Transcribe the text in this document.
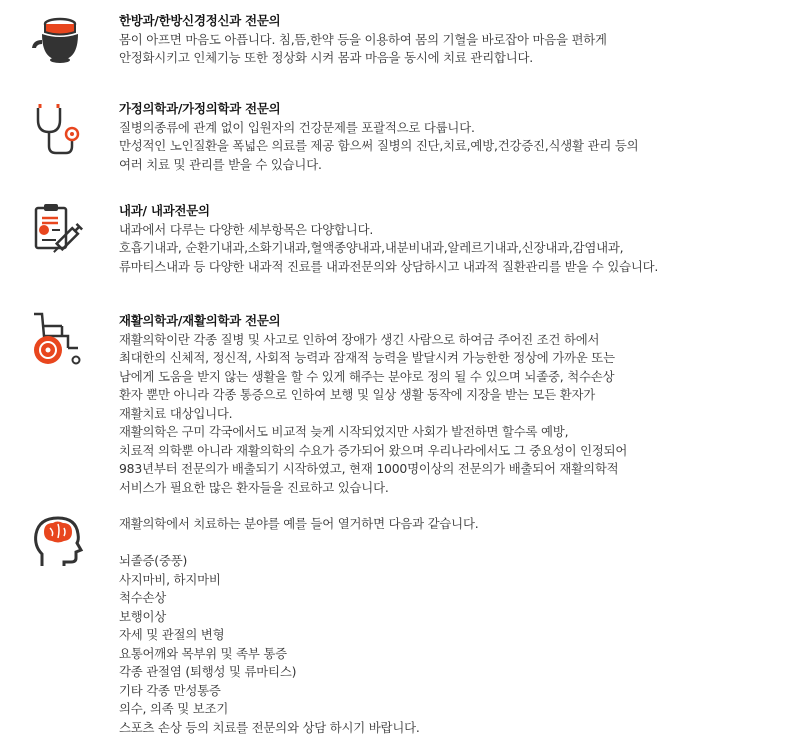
한방과/한방신경정신과 전문의
몸이 아프면 마음도 아픕니다. 침,뜸,한약 등을 이용하여 몸의 기혈을 바로잡아 마음을 편하게
안정화시키고 인체기능 또한 정상화 시켜 몸과 마음을 동시에 치료 관리합니다.
가정의학과/가정의학과 전문의
질병의종류에 관계 없이 입원자의 건강문제를 포괄적으로 다룹니다.
만성적인 노인질환을 폭넓은 의료를 제공 함으써 질병의 진단,치료,예방,건강증진,식생활 관리 등의
여러 치료 및 관리를 받을 수 있습니다.
내과/ 내과전문의
내과에서 다루는 다양한 세부항목은 다양합니다.
호흡기내과, 순환기내과,소화기내과,혈액종양내과,내분비내과,알레르기내과,신장내과,감염내과,
류마티스내과 등 다양한 내과적 진료를 내과전문의와 상담하시고 내과적 질환관리를 받을 수 있습니다.
재활의학과/재활의학과 전문의
재활의학이란 각종 질병 및 사고로 인하여 장애가 생긴 사람으로 하여금 주어진 조건 하에서
최대한의 신체적, 정신적, 사회적 능력과 잠재적 능력을 발달시켜 가능한한 정상에 가까운 또는
남에게 도움을 받지 않는 생활을 할 수 있게 해주는 분야로 정의 될 수 있으며 뇌졸중, 척수손상
환자 뿐만 아니라 각종 통증으로 인하여 보행 및 일상 생활 동작에 지장을 받는 모든 환자가
재활치료 대상입니다.
재활의학은 구미 각국에서도 비교적 늦게 시작되었지만 사회가 발전하면 할수록 예방,
치료적 의학뿐 아니라 재활의학의 수요가 증가되어 왔으며 우리나라에서도 그 중요성이 인정되어
983년부터 전문의가 배출되기 시작하였고, 현재 1000명이상의 전문의가 배출되어 재활의학적
서비스가 필요한 많은 환자들을 진료하고 있습니다.
재활의학에서 치료하는 분야를 예를 들어 열거하면 다음과 같습니다.
뇌졸증(중풍)
사지마비, 하지마비
척수손상
보행이상
자세 및 관절의 변형
요통어깨와 목부위 및 족부 통증
각종 관절염 (퇴행성 및 류마티스)
기타 각종 만성통증
의수, 의족 및 보조기
스포츠 손상 등의 치료를 전문의와 상담 하시기 바랍니다.
